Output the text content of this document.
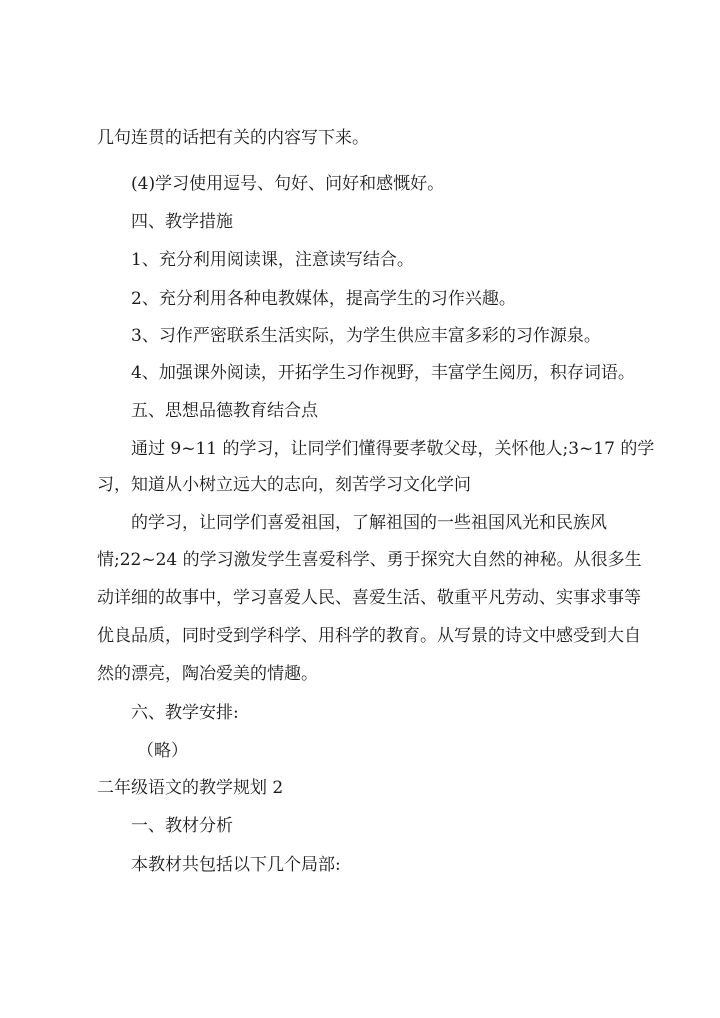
几句连贯的话把有关的内容写下来。
(4)学习使用逗号、句好、问好和感慨好。
四、教学措施
1、充分利用阅读课，注意读写结合。
2、充分利用各种电教媒体，提高学生的习作兴趣。
3、习作严密联系生活实际，为学生供应丰富多彩的习作源泉。
4、加强课外阅读，开拓学生习作视野，丰富学生阅历，积存词语。
五、思想品德教育结合点
通过 9~11 的学习，让同学们懂得要孝敬父母，关怀他人;3~17 的学
习，知道从小树立远大的志向，刻苦学习文化学问
的学习，让同学们喜爱祖国，了解祖国的一些祖国风光和民族风
情;22~24 的学习激发学生喜爱科学、勇于探究大自然的神秘。从很多生
动详细的故事中，学习喜爱人民、喜爱生活、敬重平凡劳动、实事求事等
优良品质，同时受到学科学、用科学的教育。从写景的诗文中感受到大自
然的漂亮，陶冶爱美的情趣。
六、教学安排:
（略）
二年级语文的教学规划 2
一、教材分析
本教材共包括以下几个局部:
